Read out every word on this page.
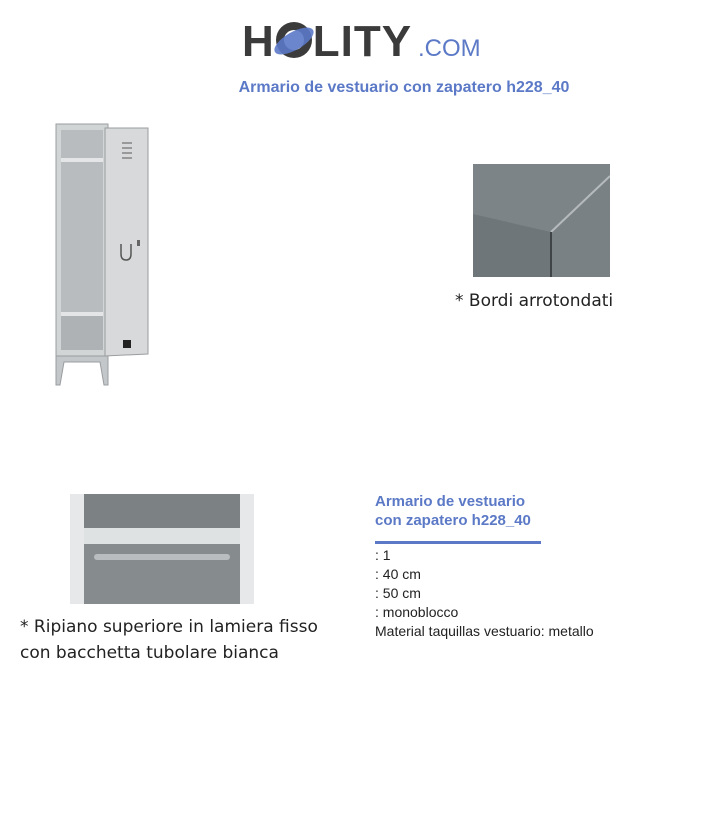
H LITY .COM
Armario de vestuario con zapatero h228_40
* Bordi arrotondati
* Ripiano superiore in lamiera fisso
con bacchetta tubolare bianca
Armario de vestuario
con zapatero h228_40
: 1
: 40 cm
: 50 cm
: monoblocco
Material taquillas vestuario: metallo
